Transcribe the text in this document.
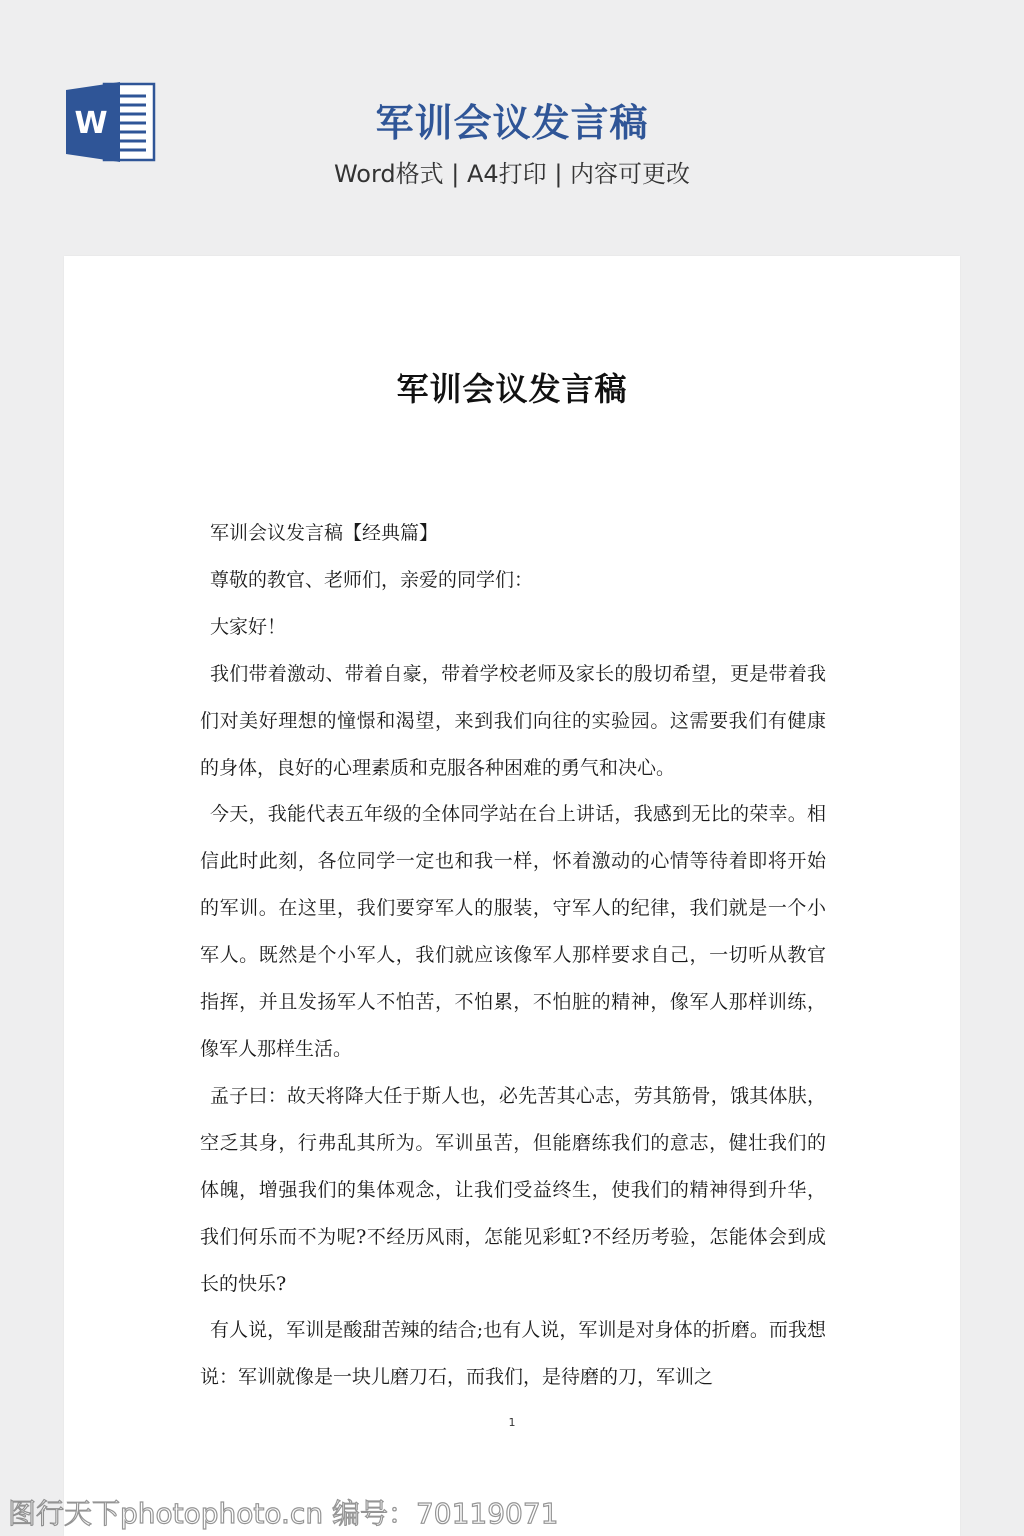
W	军训会议发言稿
Word格式 | A4打印 | 内容可更改
军训会议发言稿

军训会议发言稿【经典篇】

尊敬的教官、老师们，亲爱的同学们：

大家好！

我们带着激动、带着自豪，带着学校老师及家长的殷切希望，更是带着我们对美好理想的憧憬和渴望，来到我们向往的实验园。这需要我们有健康的身体，良好的心理素质和克服各种困难的勇气和决心。

今天，我能代表五年级的全体同学站在台上讲话，我感到无比的荣幸。相信此时此刻，各位同学一定也和我一样，怀着激动的心情等待着即将开始的军训。在这里，我们要穿军人的服装，守军人的纪律，我们就是一个小军人。既然是个小军人，我们就应该像军人那样要求自己，一切听从教官指挥，并且发扬军人不怕苦，不怕累，不怕脏的精神，像军人那样训练，像军人那样生活。

孟子曰：故天将降大任于斯人也，必先苦其心志，劳其筋骨，饿其体肤，空乏其身，行弗乱其所为。军训虽苦，但能磨练我们的意志，健壮我们的体魄，增强我们的集体观念，让我们受益终生，使我们的精神得到升华，我们何乐而不为呢?不经历风雨，怎能见彩虹?不经历考验，怎能体会到成长的快乐?

有人说，军训是酸甜苦辣的结合;也有人说，军训是对身体的折磨。而我想说：军训就像是一块儿磨刀石，而我们，是待磨的刀，军训之

1
图行天下photophoto.cn 编号：70119071
